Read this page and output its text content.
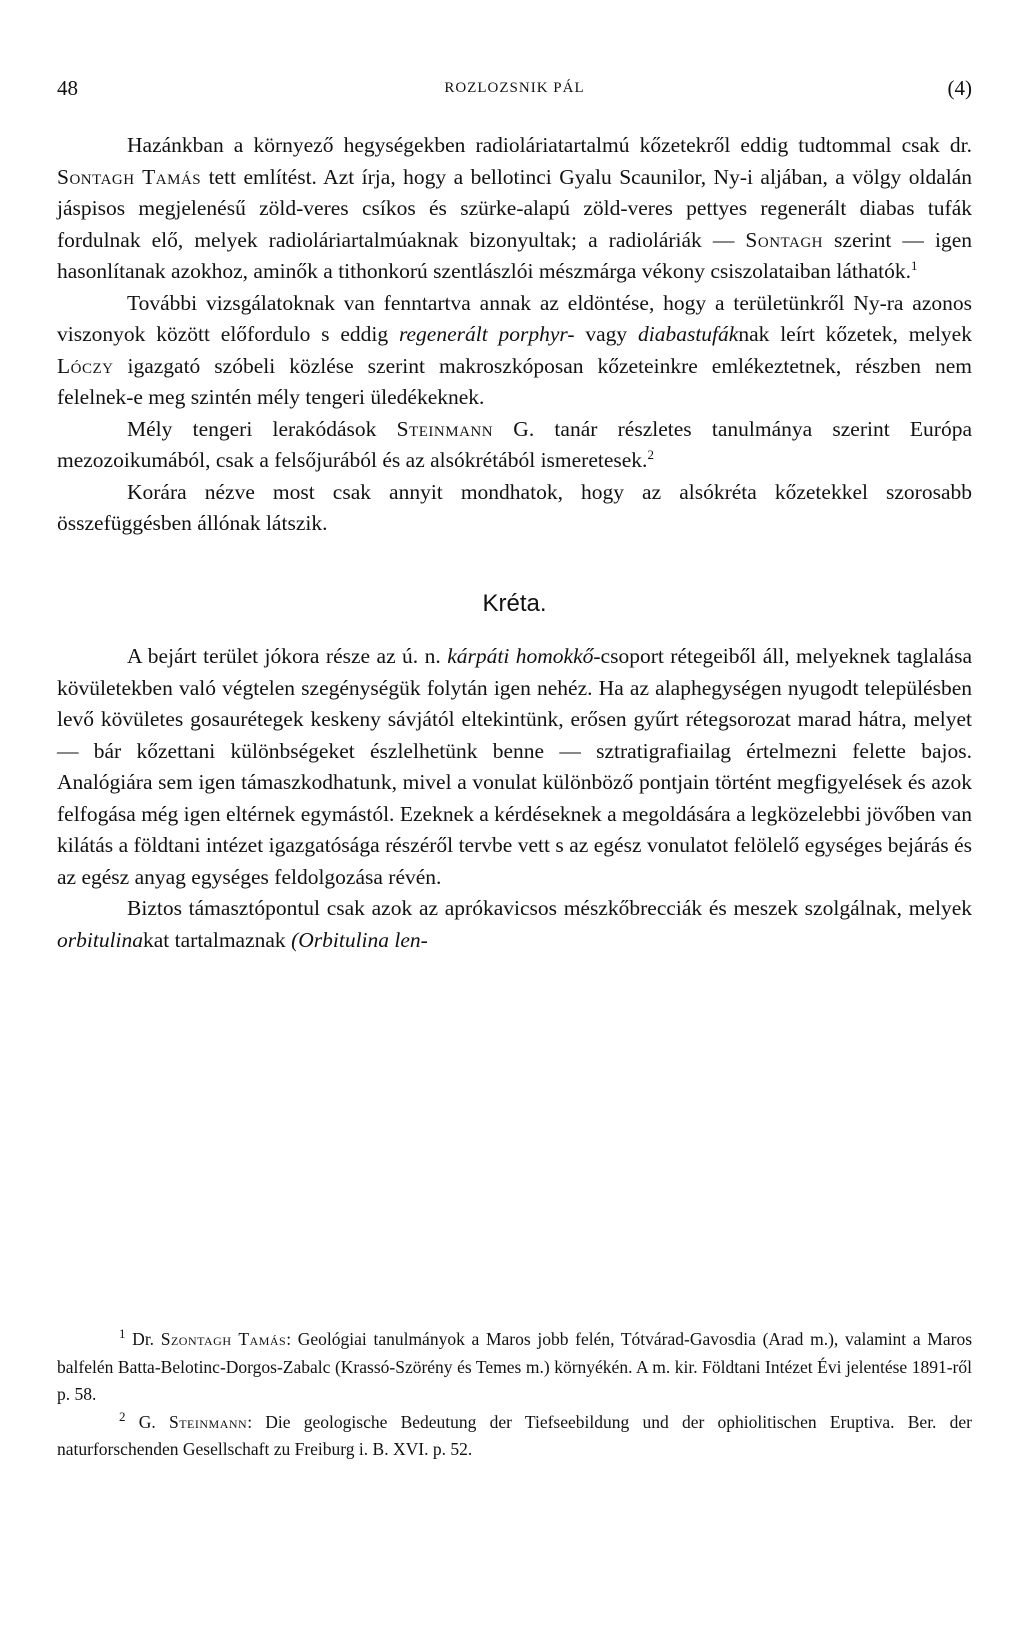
48	ROZLOZSNIK PÁL	(4)

Hazánkban a környező hegységekben radioláriatartalmú kőzetekről eddig tudtommal csak dr. Sontagh Tamás tett említést. Azt írja, hogy a bellotinci Gyalu Scaunilor, Ny-i aljában, a völgy oldalán jáspisos megjelenésű zöld-veres csíkos és szürke-alapú zöld-veres pettyes regenerált diabas tufák fordulnak elő, melyek radioláriartalmúaknak bizonyultak; a radioláriák — Sontagh szerint — igen hasonlítanak azokhoz, aminők a tithonkorú szentlászlói mészmárga vékony csiszolataiban láthatók.$^1$

További vizsgálatoknak van fenntartva annak az eldöntése, hogy a területünkről Ny-ra azonos viszonyok között előfordulo s eddig regenerált porphyr- vagy diabastufáknak leírt kőzetek, melyek Lóczy igazgató szóbeli közlése szerint makroszkóposan kőzeteinkre emlékeztetnek, részben nem felelnek-e meg szintén mély tengeri üledékeknek.

Mély tengeri lerakódások Steinmann G. tanár részletes tanulmánya szerint Európa mezozoikumából, csak a felsőjurából és az alsókrétából ismeretesek.$^2$

Korára nézve most csak annyit mondhatok, hogy az alsókréta kőzetekkel szorosabb összefüggésben állónak látszik.

Kréta.

A bejárt terület jókora része az ú. n. kárpáti homokkő-csoport rétegeiből áll, melyeknek taglalása kövületekben való végtelen szegénységük folytán igen nehéz. Ha az alaphegységen nyugodt településben levő kövületes gosaurétegek keskeny sávjától eltekintünk, erősen gyűrt rétegsorozat marad hátra, melyet — bár kőzettani különbségeket észlelhetünk benne — sztratigrafiailag értelmezni felette bajos. Analógiára sem igen támaszkodhatunk, mivel a vonulat különböző pontjain történt megfigyelések és azok felfogása még igen eltérnek egymástól. Ezeknek a kérdéseknek a megoldására a legközelebbi jövőben van kilátás a földtani intézet igazgatósága részéről tervbe vett s az egész vonulatot felölelő egységes bejárás és az egész anyag egységes feldolgozása révén.

Biztos támasztópontul csak azok az aprókavicsos mészkőbrecciák és meszek szolgálnak, melyek orbitulinakat tartalmaznak (Orbitulina len-

$^1$ Dr. Szontagh Tamás: Geológiai tanulmányok a Maros jobb felén, Tótvárad-Gavosdia (Arad m.), valamint a Maros balfelén Batta-Belotinc-Dorgos-Zabalc (Krassó-Szörény és Temes m.) környékén. A m. kir. Földtani Intézet Évi jelentése 1891-ről p. 58.

$^2$ G. Steinmann: Die geologische Bedeutung der Tiefseebildung und der ophiolitischen Eruptiva. Ber. der naturforschenden Gesellschaft zu Freiburg i. B. XVI. p. 52.
